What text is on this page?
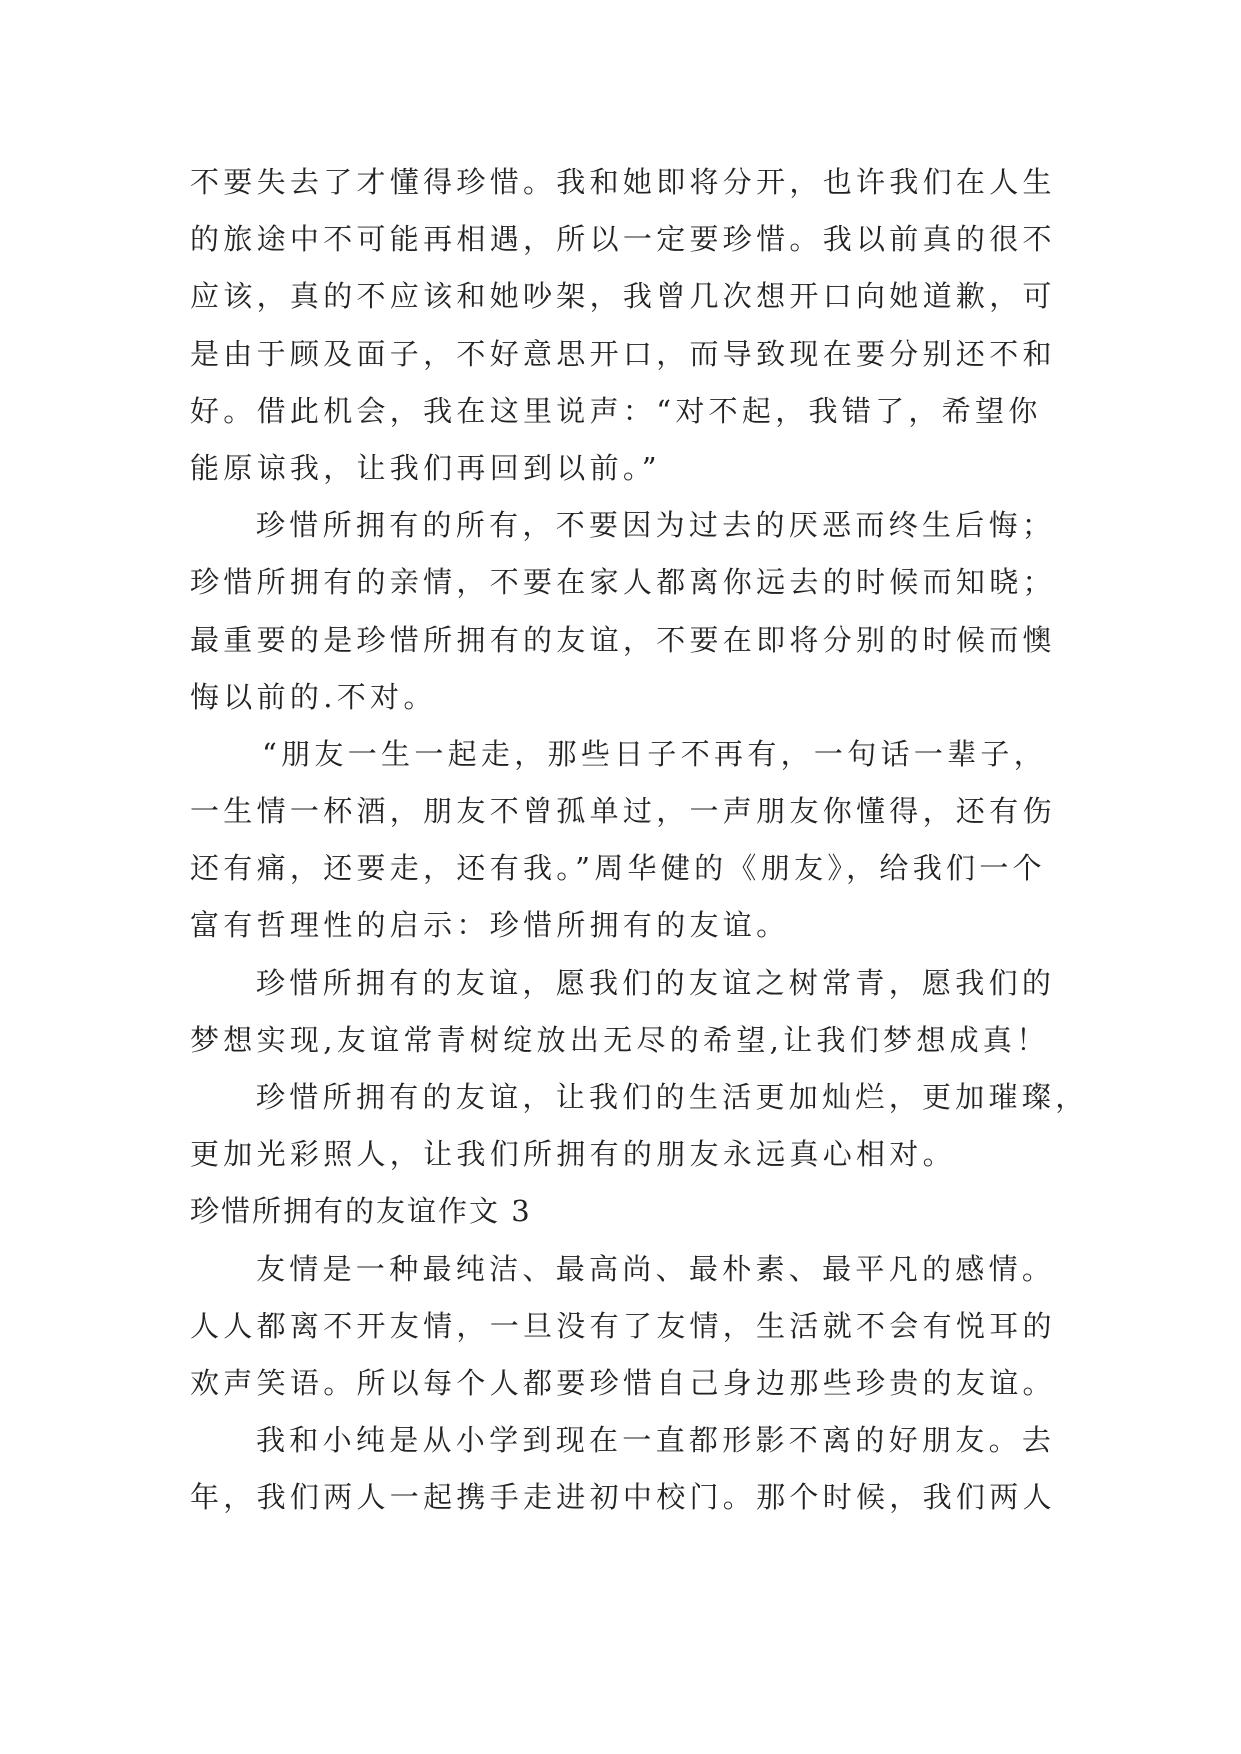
不要失去了才懂得珍惜。我和她即将分开，也许我们在人生
的旅途中不可能再相遇，所以一定要珍惜。我以前真的很不
应该，真的不应该和她吵架，我曾几次想开口向她道歉，可
是由于顾及面子，不好意思开口，而导致现在要分别还不和
好。借此机会，我在这里说声：“对不起，我错了，希望你
能原谅我，让我们再回到以前。”
珍惜所拥有的所有，不要因为过去的厌恶而终生后悔；
珍惜所拥有的亲情，不要在家人都离你远去的时候而知晓；
最重要的是珍惜所拥有的友谊，不要在即将分别的时候而懊
悔以前的.不对。
“朋友一生一起走，那些日子不再有，一句话一辈子，
一生情一杯酒，朋友不曾孤单过，一声朋友你懂得，还有伤
还有痛，还要走，还有我。”周华健的《朋友》，给我们一个
富有哲理性的启示：珍惜所拥有的友谊。
珍惜所拥有的友谊，愿我们的友谊之树常青，愿我们的
梦想实现,友谊常青树绽放出无尽的希望,让我们梦想成真！
珍惜所拥有的友谊，让我们的生活更加灿烂，更加璀璨，
更加光彩照人，让我们所拥有的朋友永远真心相对。
珍惜所拥有的友谊作文 3
友情是一种最纯洁、最高尚、最朴素、最平凡的感情。
人人都离不开友情，一旦没有了友情，生活就不会有悦耳的
欢声笑语。所以每个人都要珍惜自己身边那些珍贵的友谊。
我和小纯是从小学到现在一直都形影不离的好朋友。去
年，我们两人一起携手走进初中校门。那个时候，我们两人
